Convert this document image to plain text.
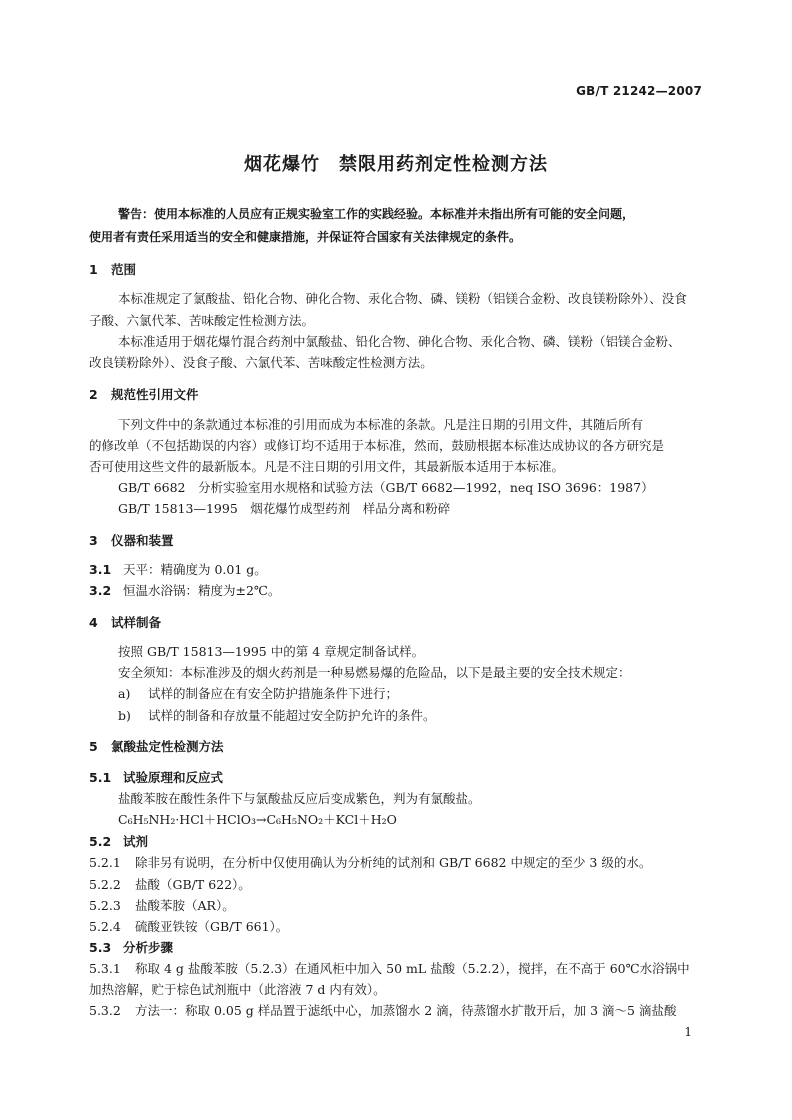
GB/T 21242—2007
烟花爆竹　禁限用药剂定性检测方法
警告：使用本标准的人员应有正规实验室工作的实践经验。本标准并未指出所有可能的安全问题，
使用者有责任采用适当的安全和健康措施，并保证符合国家有关法律规定的条件。
1 范围
本标准规定了氯酸盐、铅化合物、砷化合物、汞化合物、磷、镁粉（铝镁合金粉、改良镁粉除外）、没食
子酸、六氯代苯、苦味酸定性检测方法。
本标准适用于烟花爆竹混合药剂中氯酸盐、铅化合物、砷化合物、汞化合物、磷、镁粉（铝镁合金粉、
改良镁粉除外）、没食子酸、六氯代苯、苦味酸定性检测方法。
2 规范性引用文件
下列文件中的条款通过本标准的引用而成为本标准的条款。凡是注日期的引用文件，其随后所有
的修改单（不包括勘误的内容）或修订均不适用于本标准，然而，鼓励根据本标准达成协议的各方研究是
否可使用这些文件的最新版本。凡是不注日期的引用文件，其最新版本适用于本标准。
GB/T 6682　分析实验室用水规格和试验方法（GB/T 6682—1992，neq ISO 3696：1987）
GB/T 15813—1995　烟花爆竹成型药剂　样品分离和粉碎
3 仪器和装置
3.1 天平：精确度为 0.01 g。
3.2 恒温水浴锅：精度为±2℃。
4 试样制备
按照 GB/T 15813—1995 中的第 4 章规定制备试样。
安全须知：本标准涉及的烟火药剂是一种易燃易爆的危险品，以下是最主要的安全技术规定：
a) 试样的制备应在有安全防护措施条件下进行；
b) 试样的制备和存放量不能超过安全防护允许的条件。
5 氯酸盐定性检测方法
5.1 试验原理和反应式
盐酸苯胺在酸性条件下与氯酸盐反应后变成紫色，判为有氯酸盐。
C₆H₅NH₂·HCl＋HClO₃→C₆H₅NO₂＋KCl＋H₂O
5.2 试剂
5.2.1 除非另有说明，在分析中仅使用确认为分析纯的试剂和 GB/T 6682 中规定的至少 3 级的水。
5.2.2 盐酸（GB/T 622）。
5.2.3 盐酸苯胺（AR）。
5.2.4 硫酸亚铁铵（GB/T 661）。
5.3 分析步骤
5.3.1 称取 4 g 盐酸苯胺（5.2.3）在通风柜中加入 50 mL 盐酸（5.2.2），搅拌，在不高于 60℃水浴锅中
加热溶解，贮于棕色试剂瓶中（此溶液 7 d 内有效）。
5.3.2 方法一：称取 0.05 g 样品置于滤纸中心，加蒸馏水 2 滴，待蒸馏水扩散开后，加 3 滴～5 滴盐酸
1
